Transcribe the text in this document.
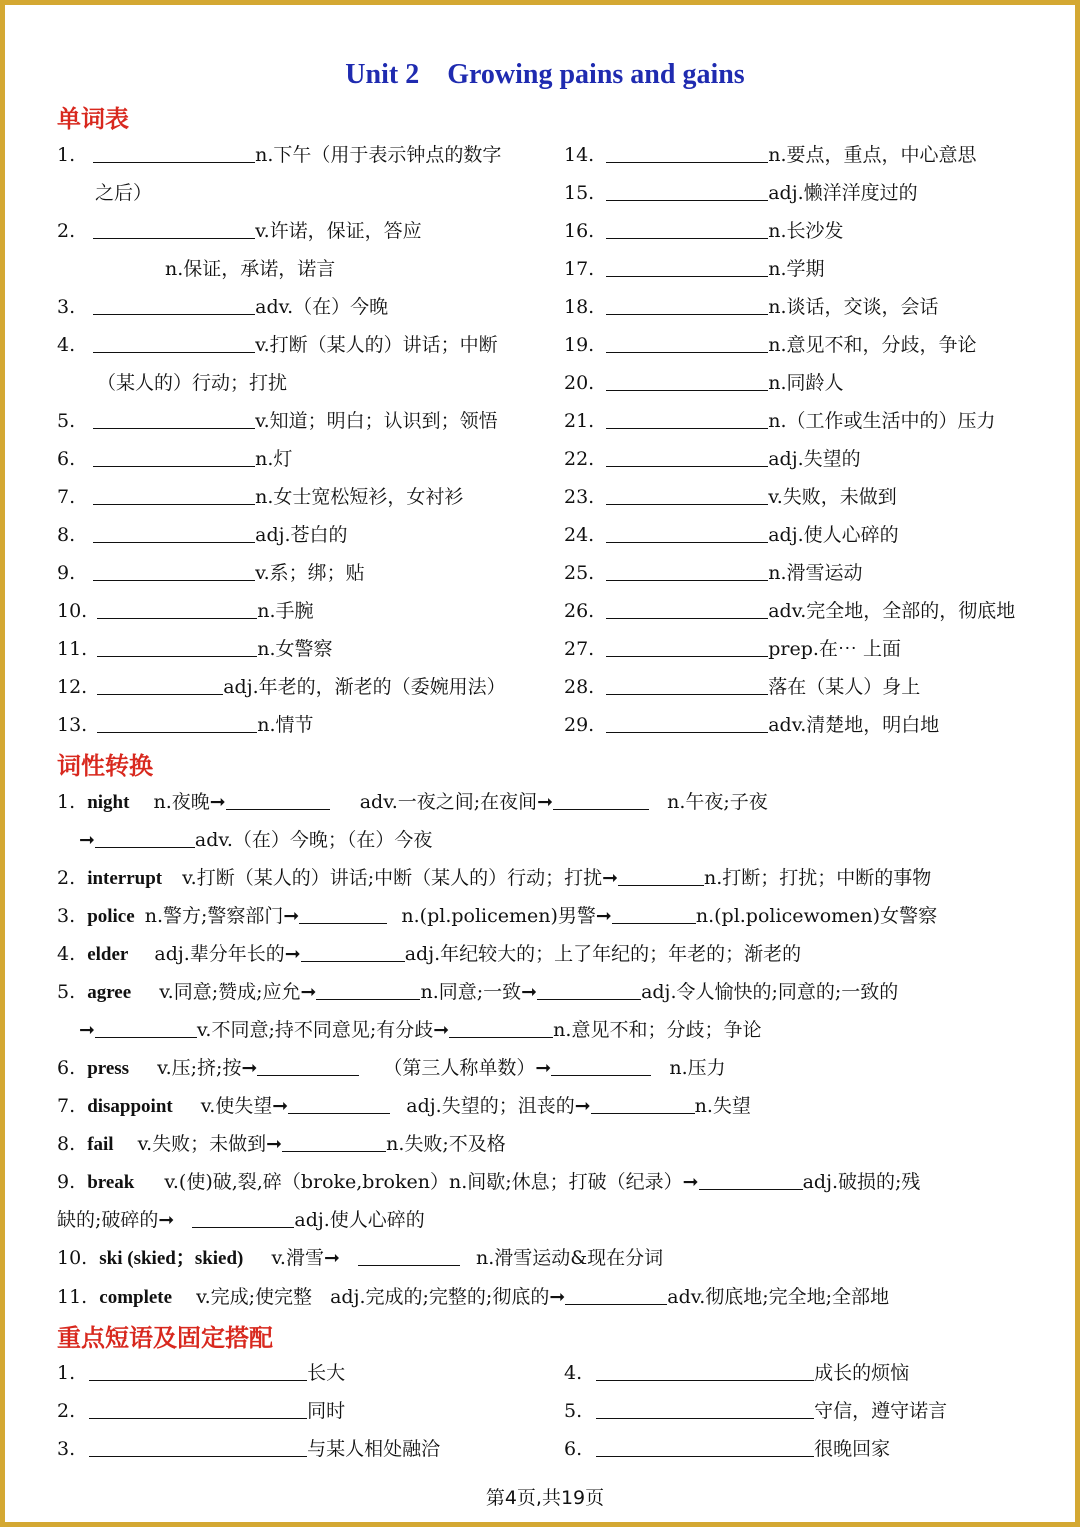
Unit 2 Growing pains and gains
单词表
1.	n.下午（用于表示钟点的数字
之后）
2.	v.许诺，保证，答应
n.保证，承诺，诺言
3.	adv.（在）今晚
4.	v.打断（某人的）讲话；中断
（某人的）行动；打扰
5.	v.知道；明白；认识到；领悟
6.	n.灯
7.	n.女士宽松短衫，女衬衫
8.	adj.苍白的
9.	v.系；绑；贴
10.	n.手腕
11.	n.女警察
12.	adj.年老的，渐老的（委婉用法）
13.	n.情节
14.	n.要点，重点，中心意思
15.	adj.懒洋洋度过的
16.	n.长沙发
17.	n.学期
18.	n.谈话，交谈，会话
19.	n.意见不和，分歧，争论
20.	n.同龄人
21.	n.（工作或生活中的）压力
22.	adj.失望的
23.	v.失败，未做到
24.	adj.使人心碎的
25.	n.滑雪运动
26.	adv.完全地，全部的，彻底地
27.	prep.在⋯ 上面
28.	落在（某人）身上
29.	adv.清楚地，明白地
词性转换
1. night n.夜晚➞	adv.一夜之间;在夜间➞	n.午夜;子夜
➞	adv.（在）今晚；（在）今夜
2. interrupt v.打断（某人的）讲话;中断（某人的）行动；打扰➞	n.打断；打扰；中断的事物
3. police n.警方;警察部门➞	n.(pl.policemen)男警➞	n.(pl.policewomen)女警察
4. elder adj.辈分年长的➞	adj.年纪较大的；上了年纪的；年老的；渐老的
5. agree v.同意;赞成;应允➞	n.同意;一致➞	adj.令人愉快的;同意的;一致的
➞	v.不同意;持不同意见;有分歧➞	n.意见不和；分歧；争论
6. press v.压;挤;按➞	（第三人称单数）➞	n.压力
7. disappoint v.使失望➞	adj.失望的；沮丧的➞	n.失望
8. fail v.失败；未做到➞	n.失败;不及格
9. break v.(使)破,裂,碎（broke,broken）n.间歇;休息；打破（纪录）➞	adj.破损的;残
缺的;破碎的➞	adj.使人心碎的
10. ski (skied；skied) v.滑雪➞	n.滑雪运动&现在分词
11. complete v.完成;使完整 adj.完成的;完整的;彻底的➞	adv.彻底地;完全地;全部地
重点短语及固定搭配
1.	长大
2.	同时
3.	与某人相处融洽
4.	成长的烦恼
5.	守信，遵守诺言
6.	很晚回家
第4页,共19页
